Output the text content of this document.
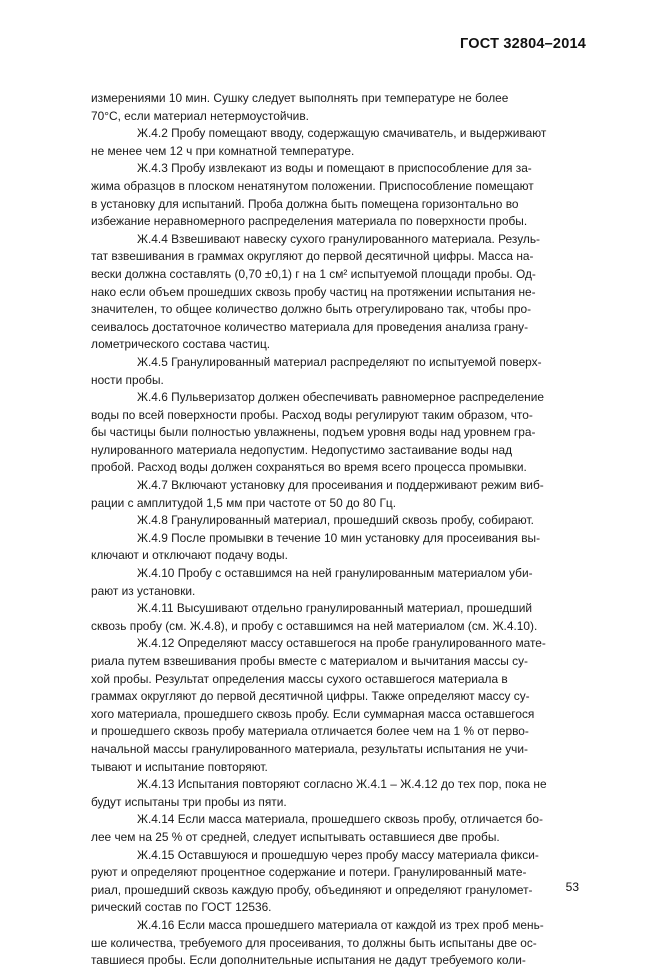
ГОСТ 32804–2014

измерениями 10 мин. Сушку следует выполнять при температуре не более
70°С, если материал нетермоустойчив.

Ж.4.2 Пробу помещают вводу, содержащую смачиватель, и выдерживают
не менее чем 12 ч при комнатной температуре.

Ж.4.3 Пробу извлекают из воды и помещают в приспособление для за-
жима образцов в плоском ненатянутом положении. Приспособление помещают
в установку для испытаний. Проба должна быть помещена горизонтально во
избежание неравномерного распределения материала по поверхности пробы.

Ж.4.4 Взвешивают навеску сухого гранулированного материала. Резуль-
тат взвешивания в граммах округляют до первой десятичной цифры. Масса на-
вески должна составлять (0,70 ±0,1) г на 1 см² испытуемой площади пробы. Од-
нако если объем прошедших сквозь пробу частиц на протяжении испытания не-
значителен, то общее количество должно быть отрегулировано так, чтобы про-
сеивалось достаточное количество материала для проведения анализа грану-
лометрического состава частиц.

Ж.4.5 Гранулированный материал распределяют по испытуемой поверх-
ности пробы.

Ж.4.6 Пульверизатор должен обеспечивать равномерное распределение
воды по всей поверхности пробы. Расход воды регулируют таким образом, что-
бы частицы были полностью увлажнены, подъем уровня воды над уровнем гра-
нулированного материала недопустим. Недопустимо застаивание воды над
пробой. Расход воды должен сохраняться во время всего процесса промывки.

Ж.4.7 Включают установку для просеивания и поддерживают режим виб-
рации с амплитудой 1,5 мм при частоте от 50 до 80 Гц.

Ж.4.8 Гранулированный материал, прошедший сквозь пробу, собирают.

Ж.4.9 После промывки в течение 10 мин установку для просеивания вы-
ключают и отключают подачу воды.

Ж.4.10 Пробу с оставшимся на ней гранулированным материалом уби-
рают из установки.

Ж.4.11 Высушивают отдельно гранулированный материал, прошедший
сквозь пробу (см. Ж.4.8), и пробу с оставшимся на ней материалом (см. Ж.4.10).

Ж.4.12 Определяют массу оставшегося на пробе гранулированного мате-
риала путем взвешивания пробы вместе с материалом и вычитания массы су-
хой пробы. Результат определения массы сухого оставшегося материала в
граммах округляют до первой десятичной цифры. Также определяют массу су-
хого материала, прошедшего сквозь пробу. Если суммарная масса оставшегося
и прошедшего сквозь пробу материала отличается более чем на 1 % от перво-
начальной массы гранулированного материала, результаты испытания не учи-
тывают и испытание повторяют.

Ж.4.13 Испытания повторяют согласно Ж.4.1 – Ж.4.12 до тех пор, пока не
будут испытаны три пробы из пяти.

Ж.4.14 Если масса материала, прошедшего сквозь пробу, отличается бо-
лее чем на 25 % от средней, следует испытывать оставшиеся две пробы.

Ж.4.15 Оставшуюся и прошедшую через пробу массу материала фикси-
руют и определяют процентное содержание и потери. Гранулированный мате-
риал, прошедший сквозь каждую пробу, объединяют и определяют грануломет-
рический состав по ГОСТ 12536.

Ж.4.16 Если масса прошедшего материала от каждой из трех проб мень-
ше количества, требуемого для просеивания, то должны быть испытаны две ос-
тавшиеся пробы. Если дополнительные испытания не дадут требуемого коли-

53
